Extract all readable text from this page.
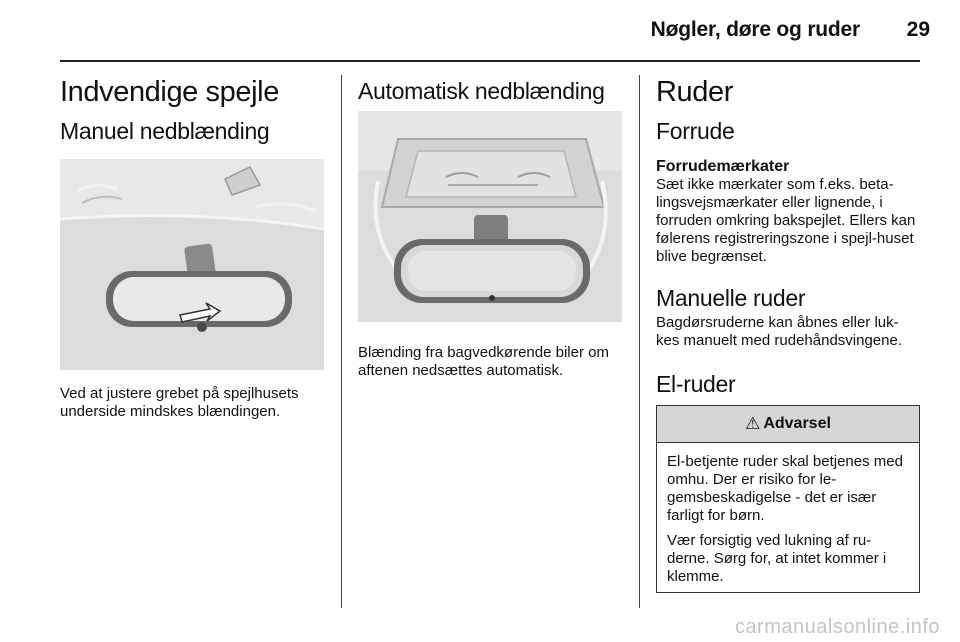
Nøgler, døre og ruder	29
Indvendige spejle
Manuel nedblænding

Ved at justere grebet på spejlhusets underside mindskes blændingen.

Automatisk nedblænding

Blænding fra bagvedkørende biler om aftenen nedsættes automatisk.

Ruder
Forrude
Forrudemærkater

Sæt ikke mærkater som f.eks. beta-lingsvejsmærkater eller lignende, i forruden omkring bakspejlet. Ellers kan følerens registreringszone i spejl-huset blive begrænset.

Manuelle ruder

Bagdørsruderne kan åbnes eller luk-kes manuelt med rudehåndsvingene.

El-ruder
⚠ Advarsel

El-betjente ruder skal betjenes med omhu. Der er risiko for le-gemsbeskadigelse - det er især farligt for børn.

Vær forsigtig ved lukning af ru-derne. Sørg for, at intet kommer i klemme.

carmanualsonline.info
